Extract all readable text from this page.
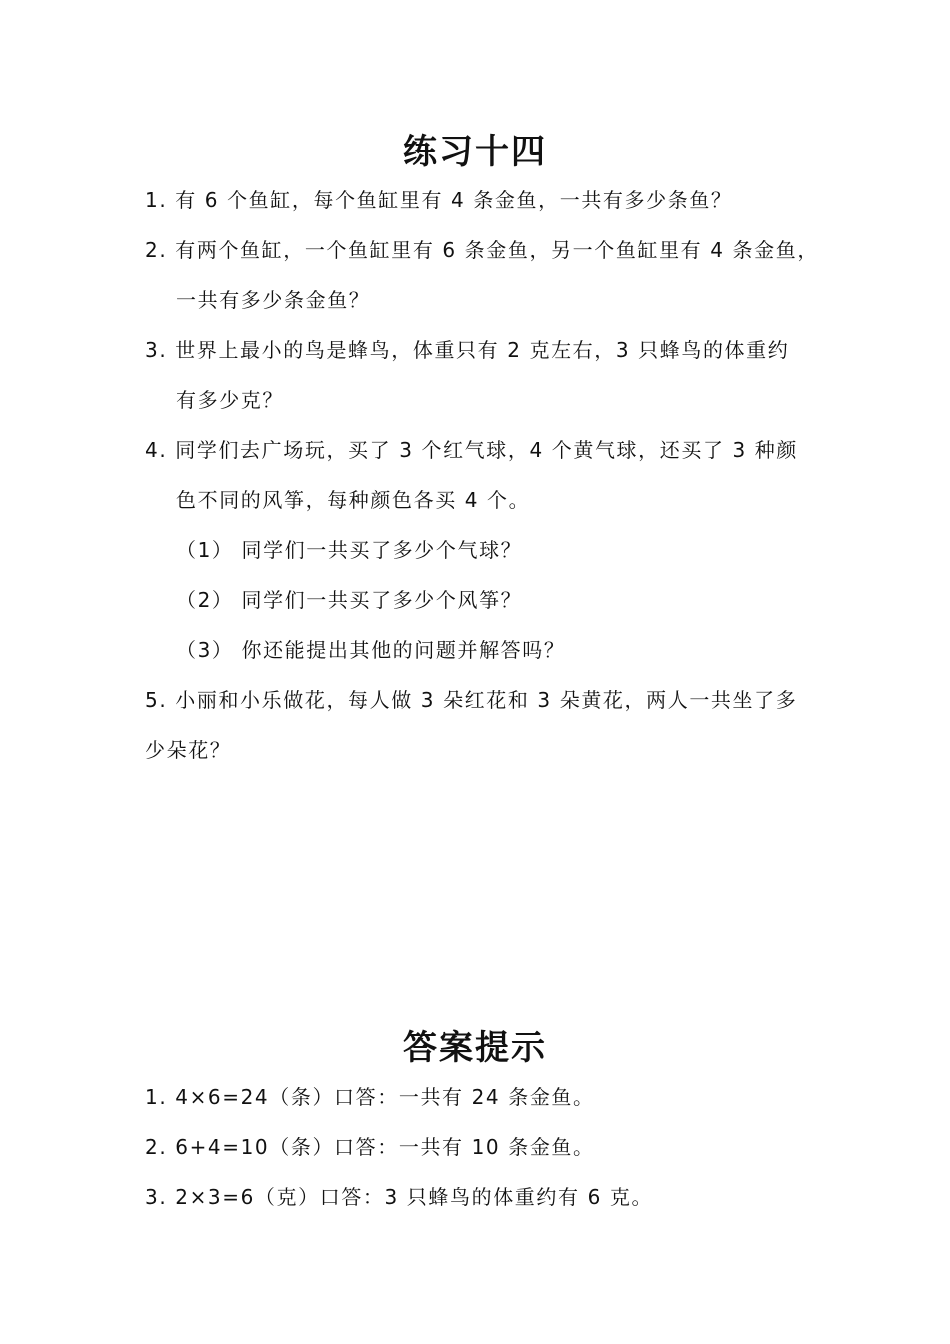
练习十四
1. 有 6 个鱼缸，每个鱼缸里有 4 条金鱼，一共有多少条鱼？
2. 有两个鱼缸，一个鱼缸里有 6 条金鱼，另一个鱼缸里有 4 条金鱼，
一共有多少条金鱼？
3. 世界上最小的鸟是蜂鸟，体重只有 2 克左右，3 只蜂鸟的体重约
有多少克？
4. 同学们去广场玩，买了 3 个红气球，4 个黄气球，还买了 3 种颜
色不同的风筝，每种颜色各买 4 个。
（1） 同学们一共买了多少个气球？
（2） 同学们一共买了多少个风筝？
（3） 你还能提出其他的问题并解答吗？
5. 小丽和小乐做花，每人做 3 朵红花和 3 朵黄花，两人一共坐了多
少朵花？
答案提示
1. 4×6=24（条）口答：一共有 24 条金鱼。
2. 6+4=10（条）口答：一共有 10 条金鱼。
3. 2×3=6（克）口答：3 只蜂鸟的体重约有 6 克。
